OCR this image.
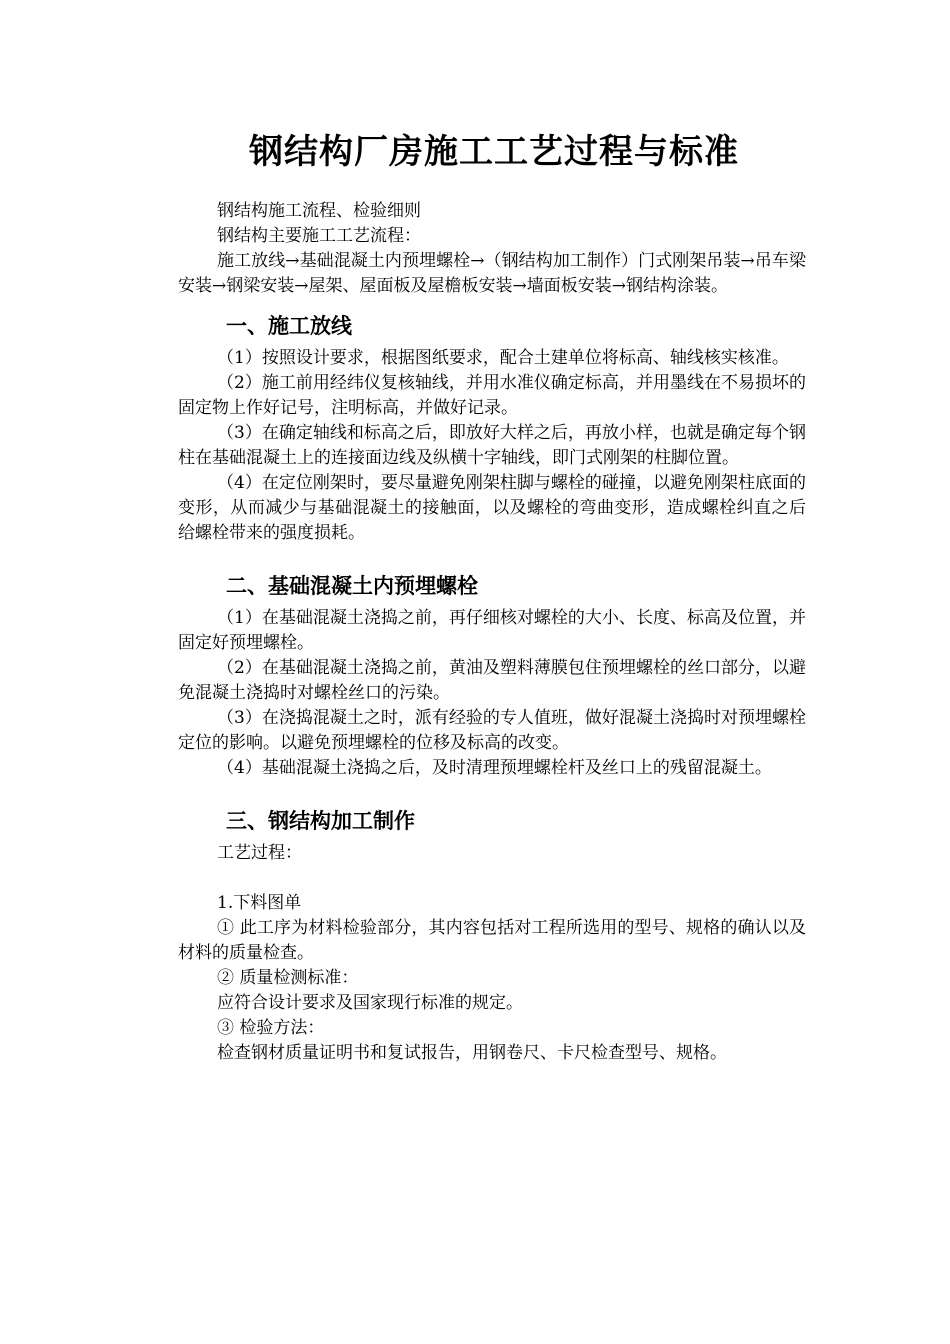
钢结构厂房施工工艺过程与标准

钢结构施工流程、检验细则

钢结构主要施工工艺流程：

施工放线→基础混凝土内预埋螺栓→（钢结构加工制作）门式刚架吊装→吊车梁安装→钢梁安装→屋架、屋面板及屋檐板安装→墙面板安装→钢结构涂装。

一、施工放线

（1）按照设计要求，根据图纸要求，配合土建单位将标高、轴线核实核准。

（2）施工前用经纬仪复核轴线，并用水准仪确定标高，并用墨线在不易损坏的固定物上作好记号，注明标高，并做好记录。

（3）在确定轴线和标高之后，即放好大样之后，再放小样，也就是确定每个钢柱在基础混凝土上的连接面边线及纵横十字轴线，即门式刚架的柱脚位置。

（4）在定位刚架时，要尽量避免刚架柱脚与螺栓的碰撞，以避免刚架柱底面的变形，从而减少与基础混凝土的接触面，以及螺栓的弯曲变形，造成螺栓纠直之后给螺栓带来的强度损耗。

二、基础混凝土内预埋螺栓

（1）在基础混凝土浇捣之前，再仔细核对螺栓的大小、长度、标高及位置，并固定好预埋螺栓。

（2）在基础混凝土浇捣之前，黄油及塑料薄膜包住预埋螺栓的丝口部分，以避免混凝土浇捣时对螺栓丝口的污染。

（3）在浇捣混凝土之时，派有经验的专人值班，做好混凝土浇捣时对预埋螺栓定位的影响。以避免预埋螺栓的位移及标高的改变。

（4）基础混凝土浇捣之后，及时清理预埋螺栓杆及丝口上的残留混凝土。

三、钢结构加工制作

工艺过程：

1.下料图单

① 此工序为材料检验部分，其内容包括对工程所选用的型号、规格的确认以及材料的质量检查。

② 质量检测标准：

应符合设计要求及国家现行标准的规定。

③ 检验方法：

检查钢材质量证明书和复试报告，用钢卷尺、卡尺检查型号、规格。
